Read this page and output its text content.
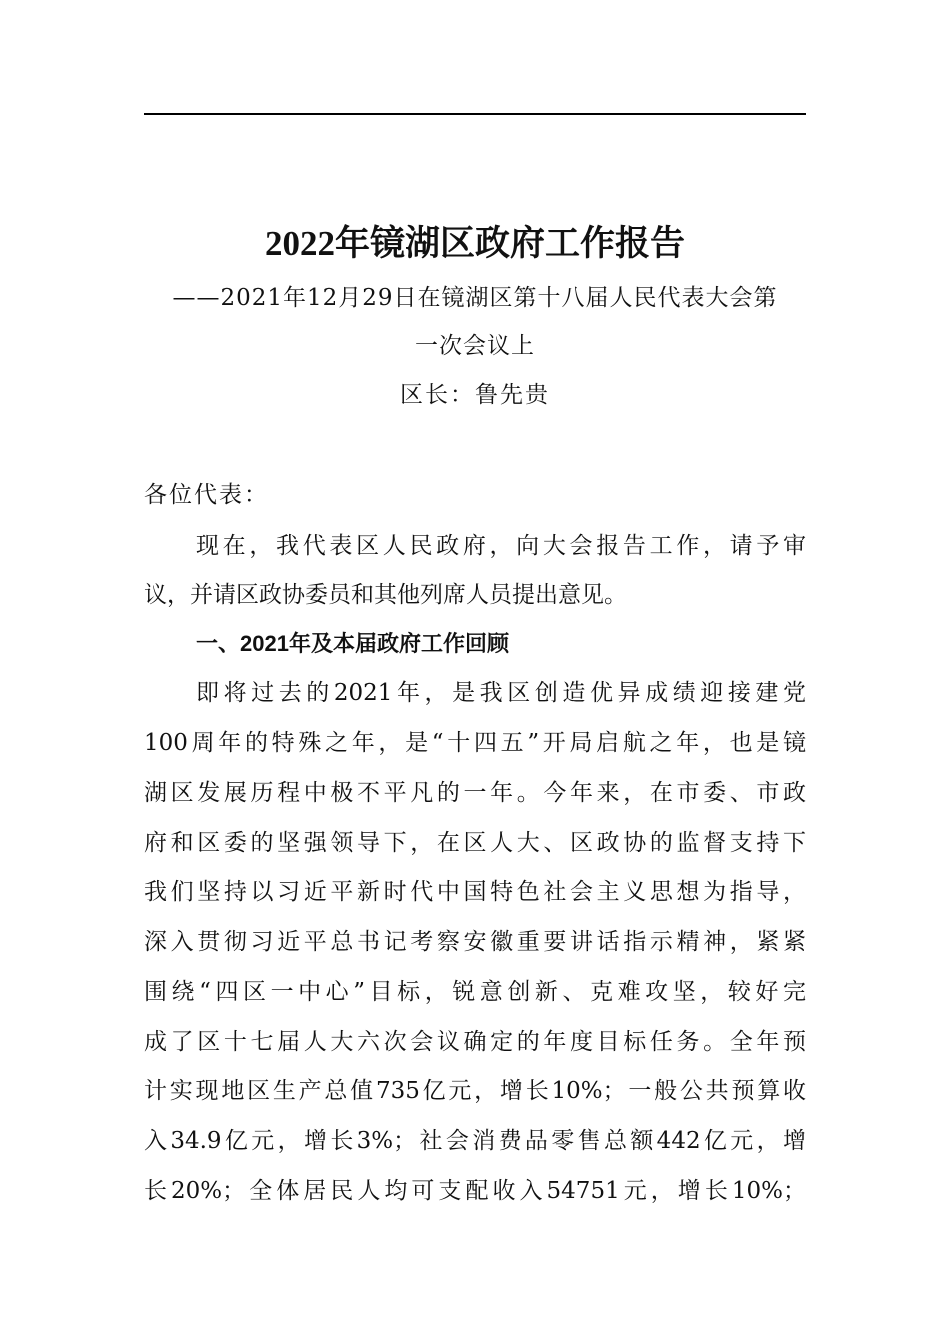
2022年镜湖区政府工作报告
——2021年12月29日在镜湖区第十八届人民代表大会第
一次会议上
区长：鲁先贵
各位代表：
现在，我代表区人民政府，向大会报告工作，请予审
议，并请区政协委员和其他列席人员提出意见。
一、2021年及本届政府工作回顾
即将过去的2021年，是我区创造优异成绩迎接建党
100周年的特殊之年，是“十四五”开局启航之年，也是镜
湖区发展历程中极不平凡的一年。今年来，在市委、市政
府和区委的坚强领导下，在区人大、区政协的监督支持下
我们坚持以习近平新时代中国特色社会主义思想为指导，
深入贯彻习近平总书记考察安徽重要讲话指示精神，紧紧
围绕“四区一中心”目标，锐意创新、克难攻坚，较好完
成了区十七届人大六次会议确定的年度目标任务。全年预
计实现地区生产总值735亿元，增长10%；一般公共预算收
入34.9亿元，增长3%；社会消费品零售总额442亿元，增
长20%；全体居民人均可支配收入54751元，增长10%；
